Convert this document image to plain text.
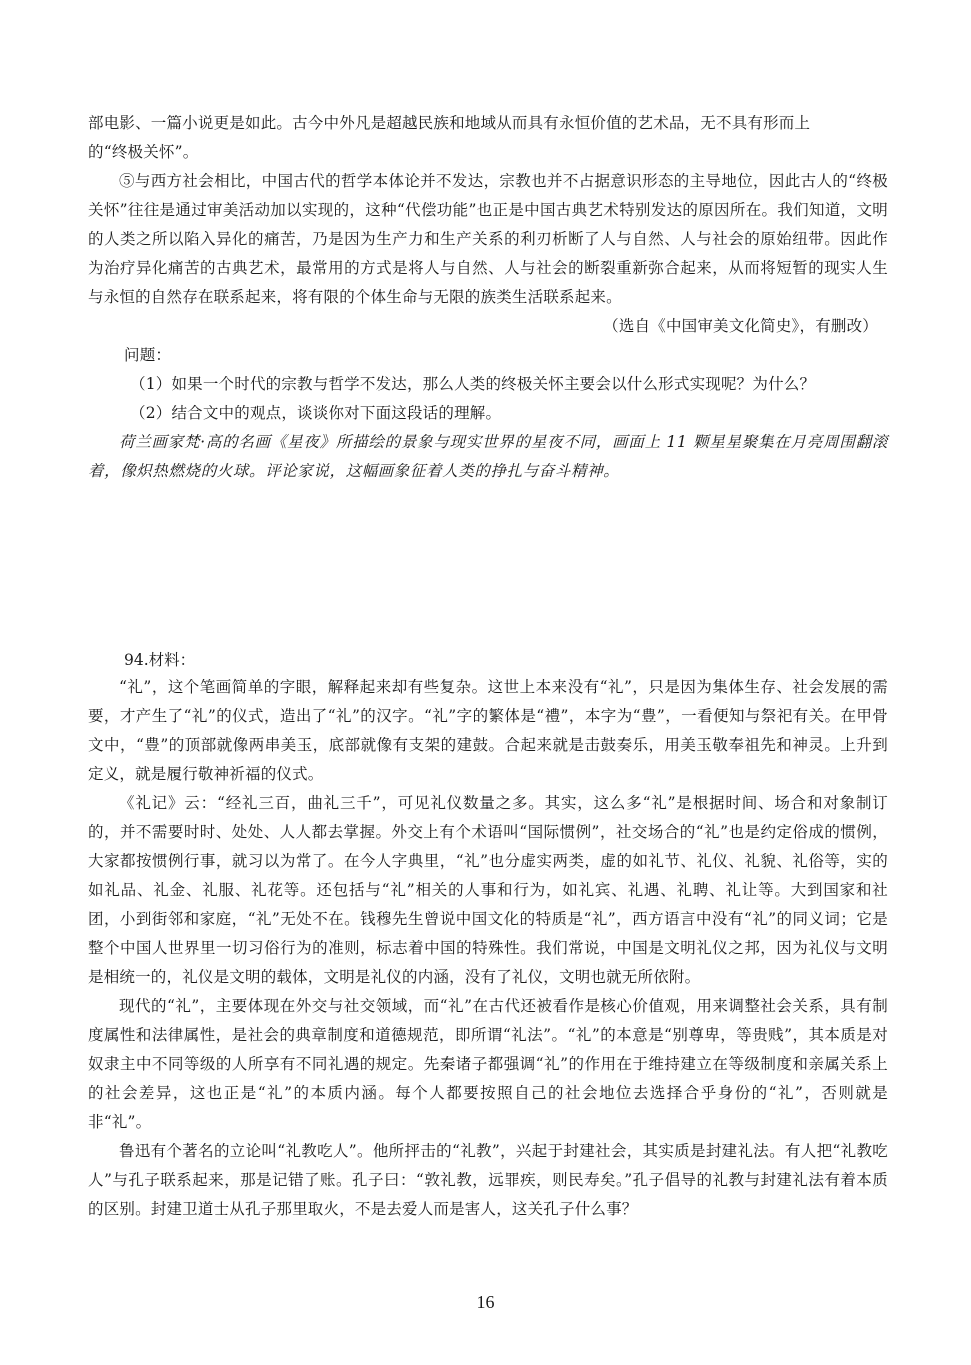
部电影、一篇小说更是如此。古今中外凡是超越民族和地域从而具有永恒价值的艺术品，无不具有形而上

的“终极关怀”。

⑤与西方社会相比，中国古代的哲学本体论并不发达，宗教也并不占据意识形态的主导地位，因此古人的“终极关怀”往往是通过审美活动加以实现的，这种“代偿功能”也正是中国古典艺术特别发达的原因所在。我们知道，文明的人类之所以陷入异化的痛苦，乃是因为生产力和生产关系的利刃析断了人与自然、人与社会的原始纽带。因此作为治疗异化痛苦的古典艺术，最常用的方式是将人与自然、人与社会的断裂重新弥合起来，从而将短暂的现实人生与永恒的自然存在联系起来，将有限的个体生命与无限的族类生活联系起来。

（选自《中国审美文化简史》，有删改）

问题：

（1）如果一个时代的宗教与哲学不发达，那么人类的终极关怀主要会以什么形式实现呢？为什么？

（2）结合文中的观点，谈谈你对下面这段话的理解。

荷兰画家梵·高的名画《星夜》所描绘的景象与现实世界的星夜不同，画面上 11 颗星星聚集在月亮周围翻滚着，像炽热燃烧的火球。评论家说，这幅画象征着人类的挣扎与奋斗精神。

94.材料：

“礼”，这个笔画简单的字眼，解释起来却有些复杂。这世上本来没有“礼”，只是因为集体生存、社会发展的需要，才产生了“礼”的仪式，造出了“礼”的汉字。“礼”字的繁体是“禮”，本字为“豊”，一看便知与祭祀有关。在甲骨文中，“豊”的顶部就像两串美玉，底部就像有支架的建鼓。合起来就是击鼓奏乐，用美玉敬奉祖先和神灵。上升到定义，就是履行敬神祈福的仪式。

《礼记》云：“经礼三百，曲礼三千”，可见礼仪数量之多。其实，这么多“礼”是根据时间、场合和对象制订的，并不需要时时、处处、人人都去掌握。外交上有个术语叫“国际惯例”，社交场合的“礼”也是约定俗成的惯例，大家都按惯例行事，就习以为常了。在今人字典里，“礼”也分虚实两类，虚的如礼节、礼仪、礼貌、礼俗等，实的如礼品、礼金、礼服、礼花等。还包括与“礼”相关的人事和行为，如礼宾、礼遇、礼聘、礼让等。大到国家和社团，小到街邻和家庭，“礼”无处不在。钱穆先生曾说中国文化的特质是“礼”，西方语言中没有“礼”的同义词；它是整个中国人世界里一切习俗行为的准则，标志着中国的特殊性。我们常说，中国是文明礼仪之邦，因为礼仪与文明是相统一的，礼仪是文明的载体，文明是礼仪的内涵，没有了礼仪，文明也就无所依附。

现代的“礼”，主要体现在外交与社交领域，而“礼”在古代还被看作是核心价值观，用来调整社会关系，具有制度属性和法律属性，是社会的典章制度和道德规范，即所谓“礼法”。“礼”的本意是“别尊卑，等贵贱”，其本质是对奴隶主中不同等级的人所享有不同礼遇的规定。先秦诸子都强调“礼”的作用在于维持建立在等级制度和亲属关系上的社会差异，这也正是“礼”的本质内涵。每个人都要按照自己的社会地位去选择合乎身份的“礼”，否则就是非“礼”。

鲁迅有个著名的立论叫“礼教吃人”。他所抨击的“礼教”，兴起于封建社会，其实质是封建礼法。有人把“礼教吃人”与孔子联系起来，那是记错了账。孔子曰：“敦礼教，远罪疾，则民寿矣。”孔子倡导的礼教与封建礼法有着本质的区别。封建卫道士从孔子那里取火，不是去爱人而是害人，这关孔子什么事？

16
